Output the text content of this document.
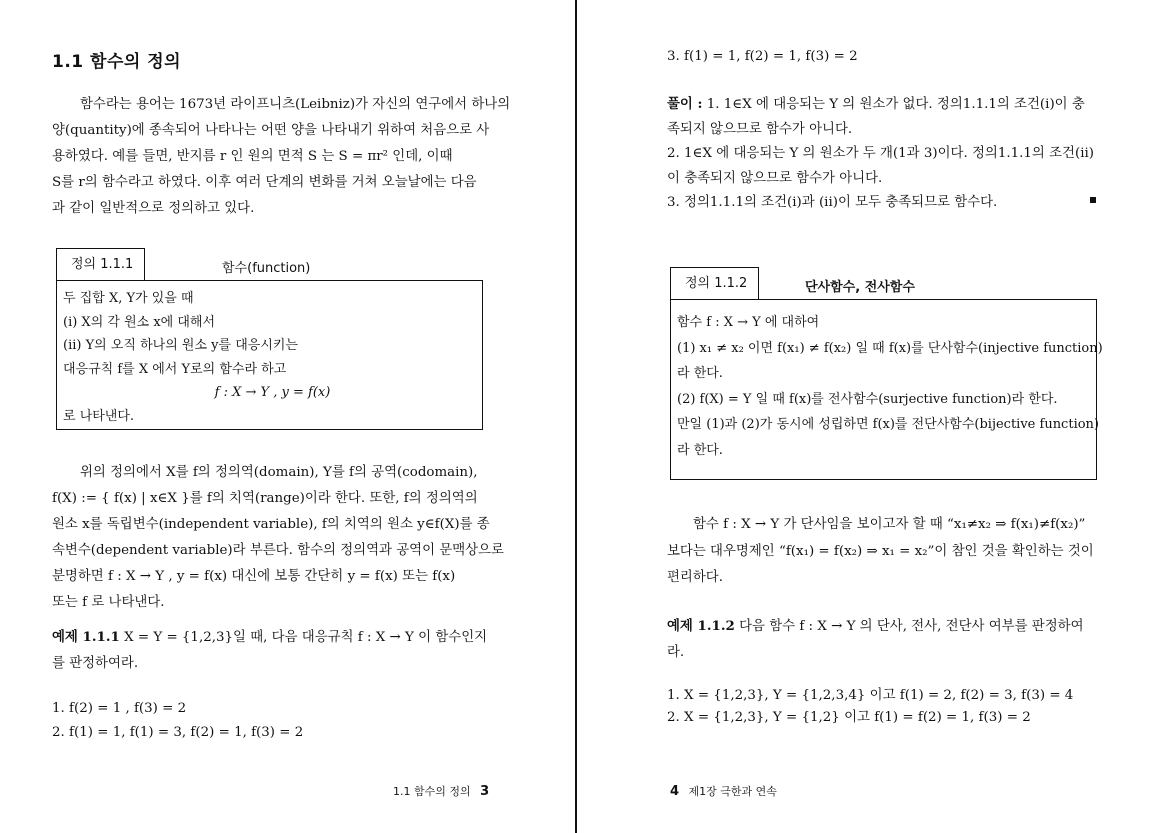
1.1 함수의 정의
함수라는 용어는 1673년 라이프니츠(Leibniz)가 자신의 연구에서 하나의
양(quantity)에 종속되어 나타나는 어떤 양을 나타내기 위하여 처음으로 사
용하였다. 예를 들면, 반지름 r 인 원의 면적 S 는 S = πr² 인데, 이때
S를 r의 함수라고 하였다. 이후 여러 단계의 변화를 거쳐 오늘날에는 다음
과 같이 일반적으로 정의하고 있다.
정의 1.1.1	함수(function)
두 집합 X, Y가 있을 때
(i) X의 각 원소 x에 대해서
(ii) Y의 오직 하나의 원소 y를 대응시키는
대응규칙 f를 X 에서 Y로의 함수라 하고
f : X → Y , y = f(x)
로 나타낸다.
위의 정의에서 X를 f의 정의역(domain), Y를 f의 공역(codomain),
f(X) := { f(x) | x∈X }를 f의 치역(range)이라 한다. 또한, f의 정의역의
원소 x를 독립변수(independent variable), f의 치역의 원소 y∈f(X)를 종
속변수(dependent variable)라 부른다. 함수의 정의역과 공역이 문맥상으로
분명하면 f : X → Y , y = f(x) 대신에 보통 간단히 y = f(x) 또는 f(x)
또는 f 로 나타낸다.
예제 1.1.1 X = Y = {1,2,3}일 때, 다음 대응규칙 f : X → Y 이 함수인지
를 판정하여라.
1. f(2) = 1 , f(3) = 2
2. f(1) = 1, f(1) = 3, f(2) = 1, f(3) = 2
1.1 함수의 정의 3
3. f(1) = 1, f(2) = 1, f(3) = 2
풀이 : 1. 1∈X 에 대응되는 Y 의 원소가 없다. 정의1.1.1의 조건(i)이 충
족되지 않으므로 함수가 아니다.
2. 1∈X 에 대응되는 Y 의 원소가 두 개(1과 3)이다. 정의1.1.1의 조건(ii)
이 충족되지 않으므로 함수가 아니다.
3. 정의1.1.1의 조건(i)과 (ii)이 모두 충족되므로 함수다.
정의 1.1.2	단사함수, 전사함수
함수 f : X → Y 에 대하여
(1) x₁ ≠ x₂ 이면 f(x₁) ≠ f(x₂) 일 때 f(x)를 단사함수(injective function)
라 한다.
(2) f(X) = Y 일 때 f(x)를 전사함수(surjective function)라 한다.
만일 (1)과 (2)가 동시에 성립하면 f(x)를 전단사함수(bijective function)
라 한다.
함수 f : X → Y 가 단사임을 보이고자 할 때 “x₁≠x₂ ⇒ f(x₁)≠f(x₂)”
보다는 대우명제인 “f(x₁) = f(x₂) ⇒ x₁ = x₂”이 참인 것을 확인하는 것이
편리하다.
예제 1.1.2 다음 함수 f : X → Y 의 단사, 전사, 전단사 여부를 판정하여
라.
1. X = {1,2,3}, Y = {1,2,3,4} 이고 f(1) = 2, f(2) = 3, f(3) = 4
2. X = {1,2,3}, Y = {1,2} 이고 f(1) = f(2) = 1, f(3) = 2
4 제1장 극한과 연속
